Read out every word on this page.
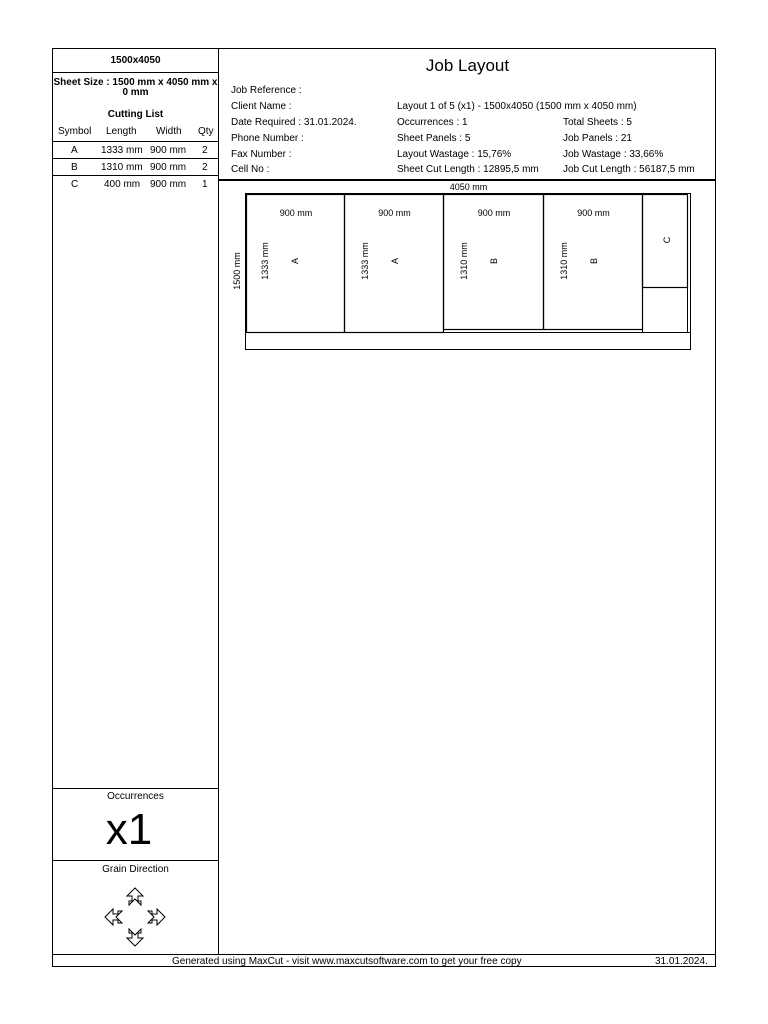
1500x4050
Sheet Size : 1500 mm x 4050 mm x
0 mm
Cutting List
Symbol Length Width Qty
A 1333 mm 900 mm 2
B 1310 mm 900 mm 2
C	400 mm 900 mm 1
Occurrences
x1
Grain Direction
Job Layout
Job Reference :
Client Name :
Date Required : 31.01.2024.
Phone Number :
Fax Number :
Cell No :
Layout 1 of 5 (x1) - 1500x4050 (1500 mm x 4050 mm)
Occurrences : 1
Sheet Panels : 5
Layout Wastage : 15,76%
Sheet Cut Length : 12895,5 mm
Total Sheets : 5
Job Panels : 21
Job Wastage : 33,66%
Job Cut Length : 56187,5 mm
4050 mm
1500 mm
900 mm	900 mm	900 mm	900 mm
1333 mm A	1333 mm A	1310 mm B	1310 mm B
C
Generated using MaxCut - visit www.maxcutsoftware.com to get your free copy	31.01.2024.
